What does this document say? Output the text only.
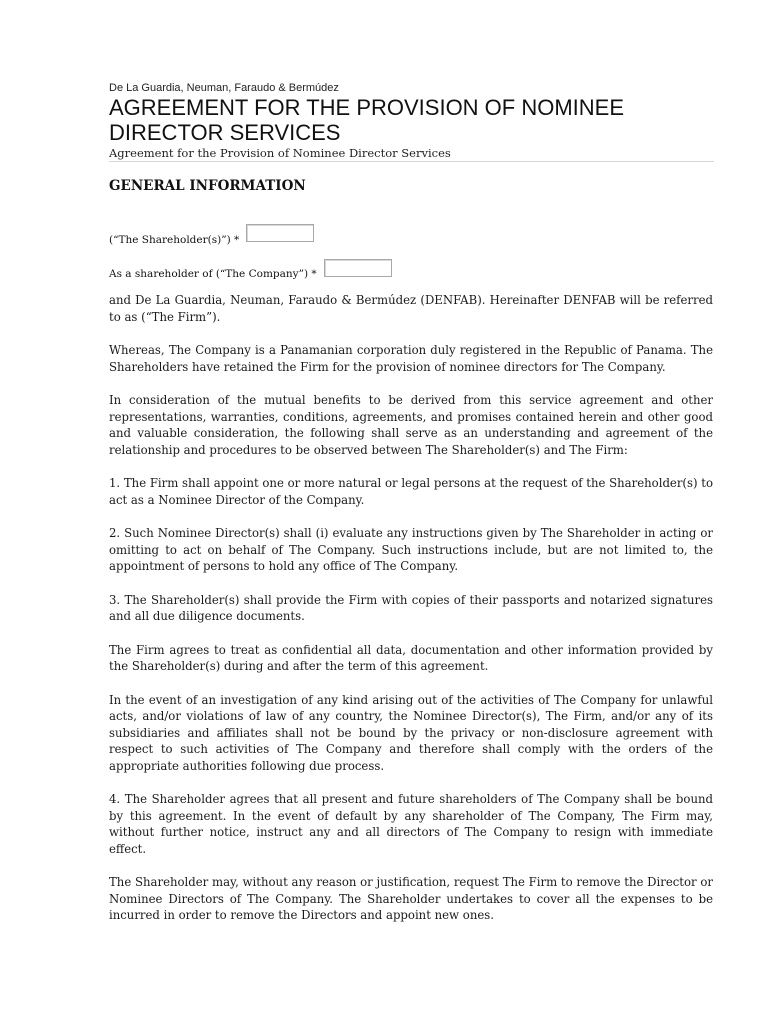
De La Guardia, Neuman, Faraudo & Bermúdez
AGREEMENT FOR THE PROVISION OF NOMINEE DIRECTOR SERVICES
Agreement for the Provision of Nominee Director Services
GENERAL INFORMATION
(“The Shareholder(s)”) *
As a shareholder of (“The Company”) *

and De La Guardia, Neuman, Faraudo & Bermúdez (DENFAB). Hereinafter DENFAB will be referred to as (“The Firm”).

Whereas, The Company is a Panamanian corporation duly registered in the Republic of Panama. The Shareholders have retained the Firm for the provision of nominee directors for The Company.

In consideration of the mutual benefits to be derived from this service agreement and other representations, warranties, conditions, agreements, and promises contained herein and other good and valuable consideration, the following shall serve as an understanding and agreement of the relationship and procedures to be observed between The Shareholder(s) and The Firm:

1. The Firm shall appoint one or more natural or legal persons at the request of the Shareholder(s) to act as a Nominee Director of the Company.

2. Such Nominee Director(s) shall (i) evaluate any instructions given by The Shareholder in acting or omitting to act on behalf of The Company. Such instructions include, but are not limited to, the appointment of persons to hold any office of The Company.

3. The Shareholder(s) shall provide the Firm with copies of their passports and notarized signatures and all due diligence documents.

The Firm agrees to treat as confidential all data, documentation and other information provided by the Shareholder(s) during and after the term of this agreement.

In the event of an investigation of any kind arising out of the activities of The Company for unlawful acts, and/or violations of law of any country, the Nominee Director(s), The Firm, and/or any of its subsidiaries and affiliates shall not be bound by the privacy or non-disclosure agreement with respect to such activities of The Company and therefore shall comply with the orders of the appropriate authorities following due process.

4. The Shareholder agrees that all present and future shareholders of The Company shall be bound by this agreement. In the event of default by any shareholder of The Company, The Firm may, without further notice, instruct any and all directors of The Company to resign with immediate effect.

The Shareholder may, without any reason or justification, request The Firm to remove the Director or Nominee Directors of The Company. The Shareholder undertakes to cover all the expenses to be incurred in order to remove the Directors and appoint new ones.
